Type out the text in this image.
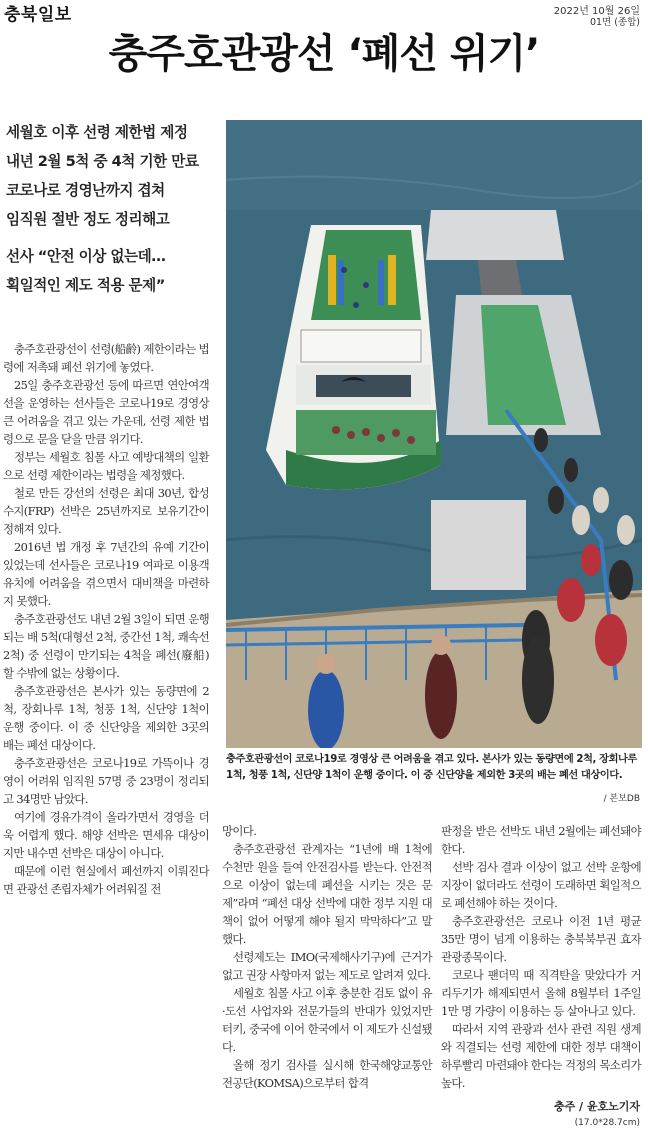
충북일보	2022년 10월 26일
01면 (종합)
충주호관광선 ‘폐선 위기’
세월호 이후 선령 제한법 제정
내년 2월 5척 중 4척 기한 만료
코로나로 경영난까지 겹쳐
임직원 절반 정도 정리해고
선사 “안전 이상 없는데…
획일적인 제도 적용 문제”

충주호관광선이 선령(船齡) 제한이라는 법령에 저촉돼 폐선 위기에 놓였다.

25일 충주호관광선 등에 따르면 연안여객선을 운영하는 선사들은 코로나19로 경영상 큰 어려움을 겪고 있는 가운데, 선령 제한 법령으로 문을 닫을 만큼 위기다.

정부는 세월호 침몰 사고 예방대책의 일환으로 선령 제한이라는 법령을 제정했다.

철로 만든 강선의 선령은 최대 30년, 합성수지(FRP) 선박은 25년까지로 보유기간이 정해져 있다.

2016년 법 개정 후 7년간의 유예 기간이 있었는데 선사들은 코로나19 여파로 이용객 유치에 어려움을 겪으면서 대비책을 마련하지 못했다.

충주호관광선도 내년 2월 3일이 되면 운행되는 배 5척(대형선 2척, 중간선 1척, 쾌속선 2척) 중 선령이 만기되는 4척을 폐선(廢船)할 수밖에 없는 상황이다.

충주호관광선은 본사가 있는 동량면에 2척, 장회나루 1척, 청풍 1척, 신단양 1척이 운행 중이다. 이 중 신단양을 제외한 3곳의 배는 폐선 대상이다.

충주호관광선은 코로나19로 가뜩이나 경영이 어려워 임직원 57명 중 23명이 정리되고 34명만 남았다.

여기에 경유가격이 올라가면서 경영을 더욱 어렵게 했다. 해양 선박은 면세유 대상이지만 내수면 선박은 대상이 아니다.

때문에 이런 현실에서 폐선까지 이뤄진다면 관광선 존립자체가 어려워질 전

충주호관광선이 코로나19로 경영상 큰 어려움을 겪고 있다. 본사가 있는 동량면에 2척, 장회나루 1척, 청풍 1척, 신단양 1척이 운행 중이다. 이 중 신단양을 제외한 3곳의 배는 폐선 대상이다.
/ 본보DB

망이다.

충주호관광선 관계자는 “1년에 배 1척에 수천만 원을 들여 안전검사를 받는다. 안전적으로 이상이 없는데 폐선을 시키는 것은 문제”라며 “폐선 대상 선박에 대한 정부 지원 대책이 없어 어떻게 해야 될지 막막하다”고 말했다.

선령제도는 IMO(국제해사기구)에 근거가 없고 권장 사항마저 없는 제도로 알려져 있다.

세월호 침몰 사고 이후 충분한 검토 없이 유·도선 사업자와 전문가들의 반대가 있었지만 터키, 중국에 이어 한국에서 이 제도가 신설됐다.

올해 정기 검사를 실시해 한국해양교통안전공단(KOMSA)으로부터 합격

판정을 받은 선박도 내년 2월에는 폐선돼야 한다.

선박 검사 결과 이상이 없고 선박 운항에 지장이 없더라도 선령이 도래하면 획일적으로 폐선해야 하는 것이다.

충주호관광선은 코로나 이전 1년 평균 35만 명이 넘게 이용하는 충북북부권 효자 관광종목이다.

코로나 팬더믹 때 직격탄을 맞았다가 거리두기가 해제되면서 올해 8월부터 1주일 1만 명 가량이 이용하는 등 살아나고 있다.

따라서 지역 관광과 선사 관련 직원 생계와 직결되는 선령 제한에 대한 정부 대책이 하루빨리 마련돼야 한다는 걱정의 목소리가 높다.

충주 / 윤호노기자
(17.0*28.7cm)
